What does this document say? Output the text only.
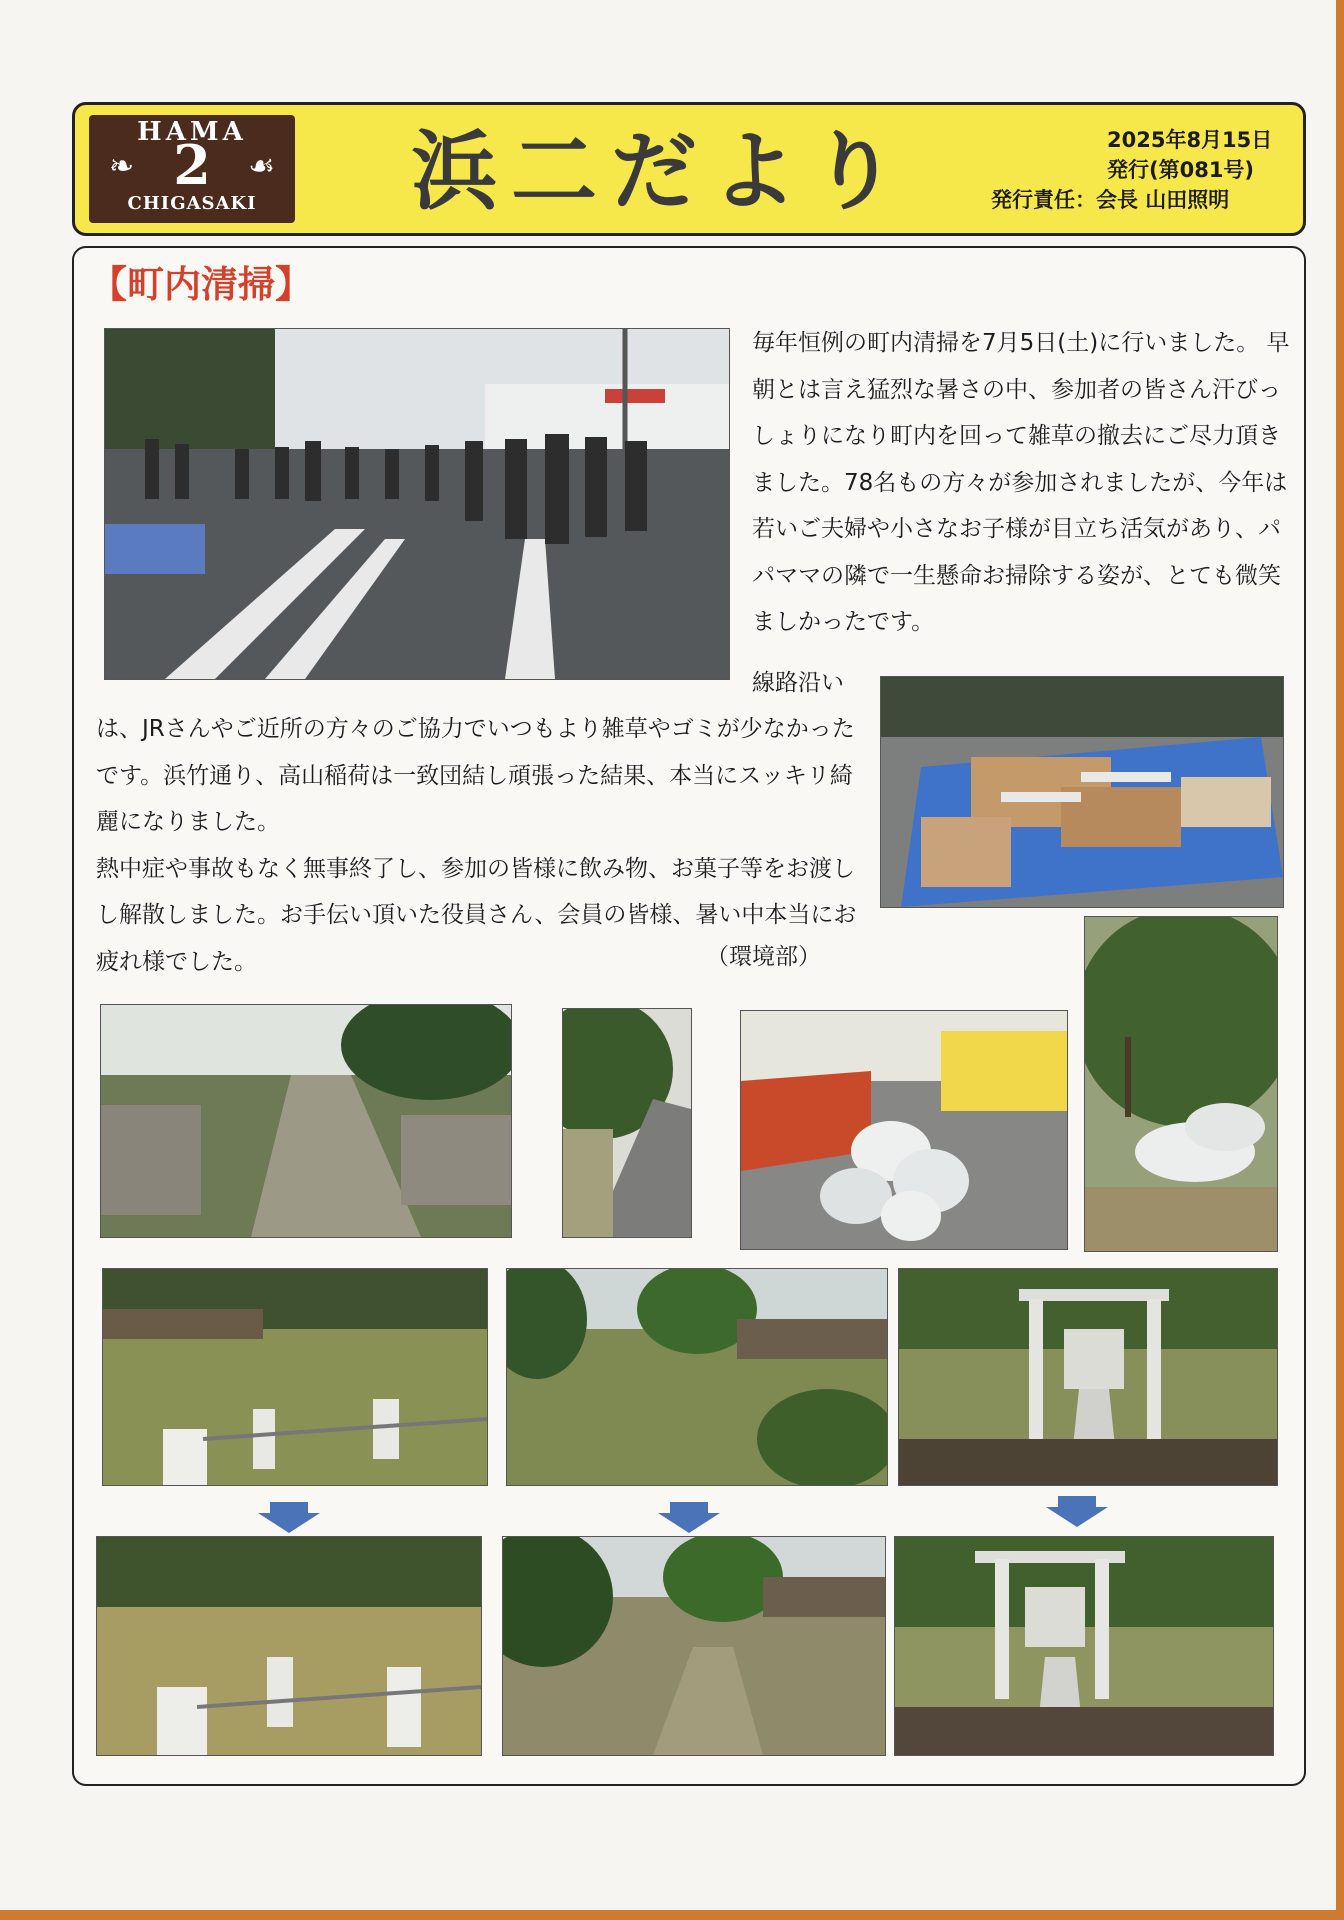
❧	☙
HAMA
2
CHIGASAKI	浜二だより	2025年8月15日
発行(第081号)
発行責任：会長 山田照明
【町内清掃】
毎年恒例の町内清掃を7月5日(土)に行いました。 早朝とは言え猛烈な暑さの中、参加者の皆さん汗びっしょりになり町内を回って雑草の撤去にご尽力頂きました。78名もの方々が参加されましたが、今年は若いご夫婦や小さなお子様が目立ち活気があり、パパママの隣で一生懸命お掃除する姿が、とても微笑ましかったです。
線路沿い
は、JRさんやご近所の方々のご協力でいつもより雑草やゴミが少なかったです。浜竹通り、高山稲荷は一致団結し頑張った結果、本当にスッキリ綺麗になりました。
熱中症や事故もなく無事終了し、参加の皆様に飲み物、お菓子等をお渡しし解散しました。お手伝い頂いた役員さん、会員の皆様、暑い中本当にお疲れ様でした。	（環境部）
